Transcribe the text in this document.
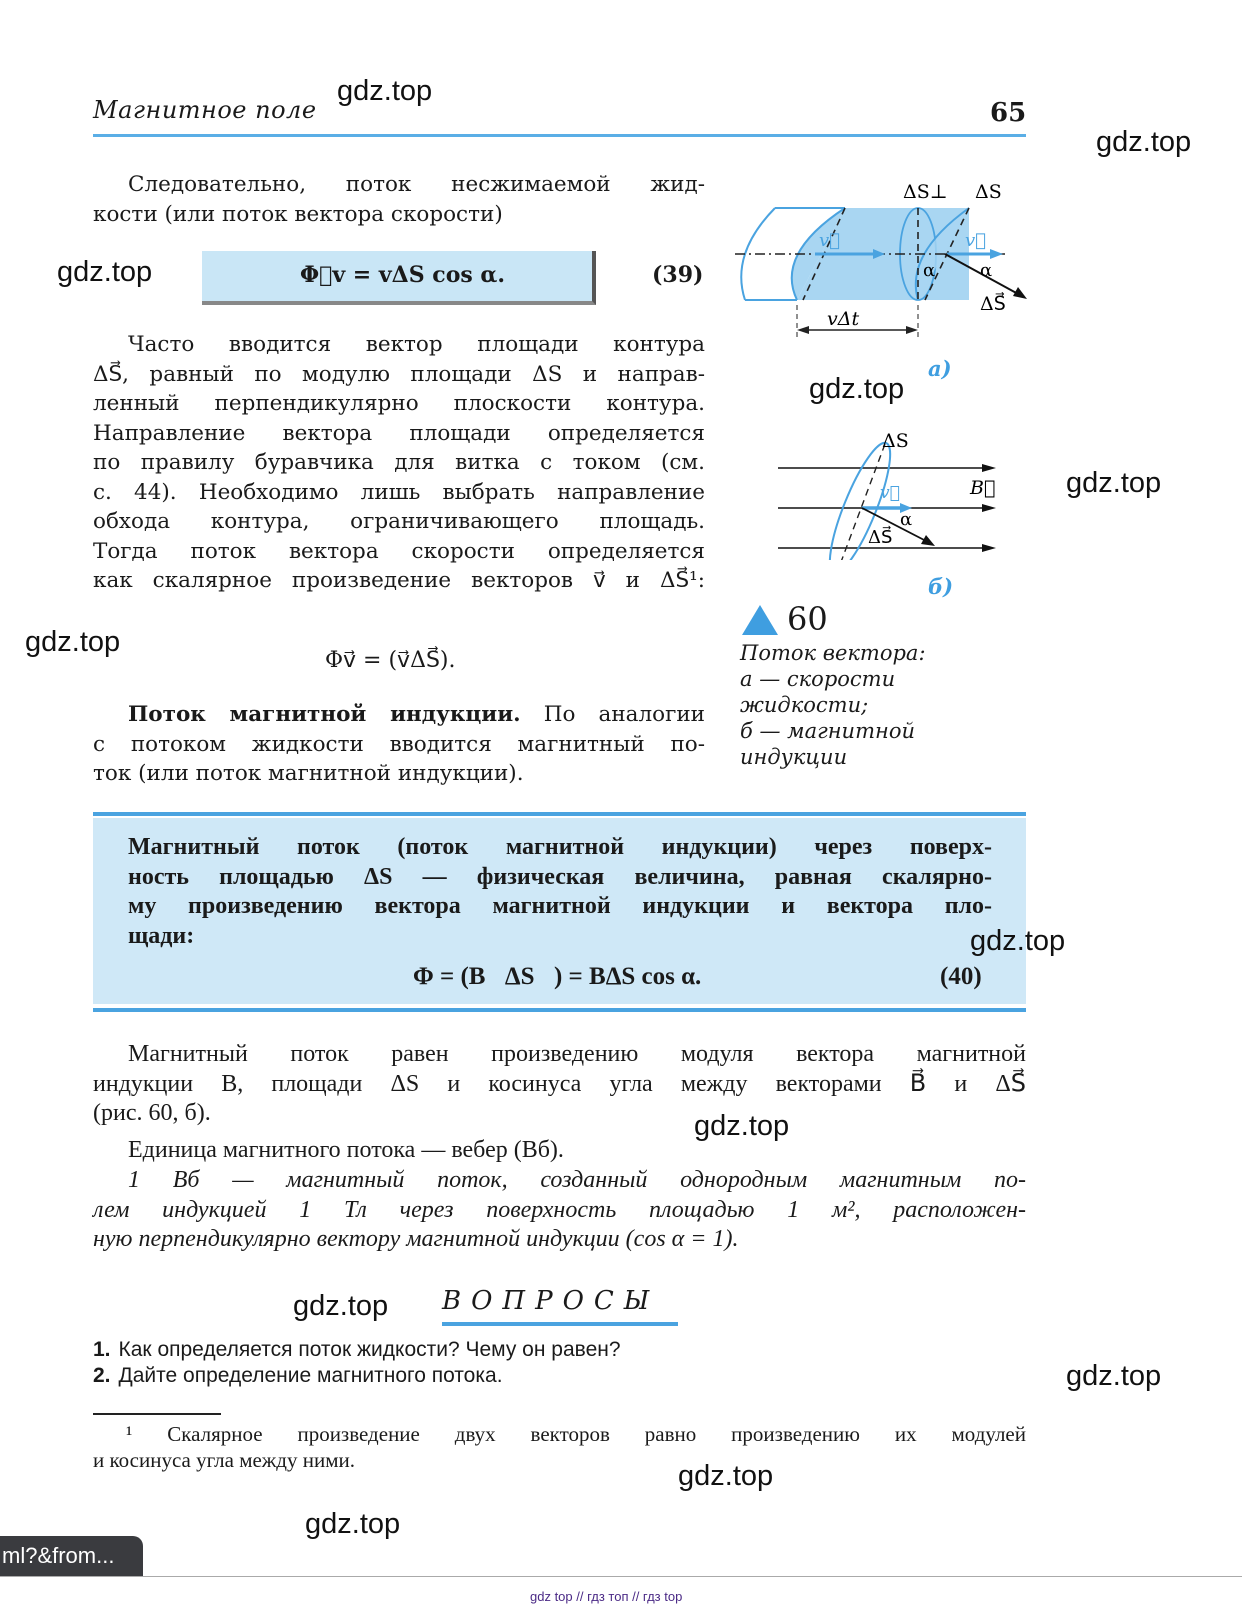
Магнитное поле	65
Следовательно, поток несжимаемой жид-
кости (или поток вектора скорости)
Φ⃗v = vΔS cos α.	(39)
Часто вводится вектор площади контура
ΔS⃗, равный по модулю площади ΔS и направ-
ленный перпендикулярно плоскости контура.
Направление вектора площади определяется
по правилу буравчика для витка с током (см.
с. 44). Необходимо лишь выбрать направление
обхода контура, ограничивающего площадь.
Тогда поток вектора скорости определяется
как скалярное произведение векторов v⃗ и ΔS⃗¹:
Φv⃗ = (v⃗ΔS⃗).
Поток магнитной индукции. По аналогии
с потоком жидкости вводится магнитный по-
ток (или поток магнитной индукции).
ΔS⊥ ΔS
v⃗	v⃗
α α
ΔS⃗
vΔt
а)
ΔS
B⃗
v⃗
α
ΔS⃗
б)
60
Поток вектора:
а — скорости
жидкости;
б — магнитной
индукции
Магнитный поток (поток магнитной индукции) через поверх-
ность площадью ΔS — физическая величина, равная скалярно-
му произведению вектора магнитной индукции и вектора пло-
щади:
Φ = (B⃗ΔS⃗) = BΔS cos α.	(40)
Магнитный поток равен произведению модуля вектора магнитной
индукции B, площади ΔS и косинуса угла между векторами B⃗ и ΔS⃗
(рис. 60, б).
Единица магнитного потока — вебер (Вб).
1 Вб — магнитный поток, созданный однородным магнитным по-
лем индукцией 1 Тл через поверхность площадью 1 м², расположен-
ную перпендикулярно вектору магнитной индукции (cos α = 1).
ВОПРОСЫ
1. Как определяется поток жидкости? Чему он равен?
2. Дайте определение магнитного потока.
¹ Скалярное произведение двух векторов равно произведению их модулей
и косинуса угла между ними.
gdz.top
gdz.top
gdz.top
gdz.top
gdz.top
gdz.top
gdz.top
gdz.top
gdz.top
gdz.top
gdz.top
gdz.top
ml?&from...
gdz top // гдз топ // гдз top
